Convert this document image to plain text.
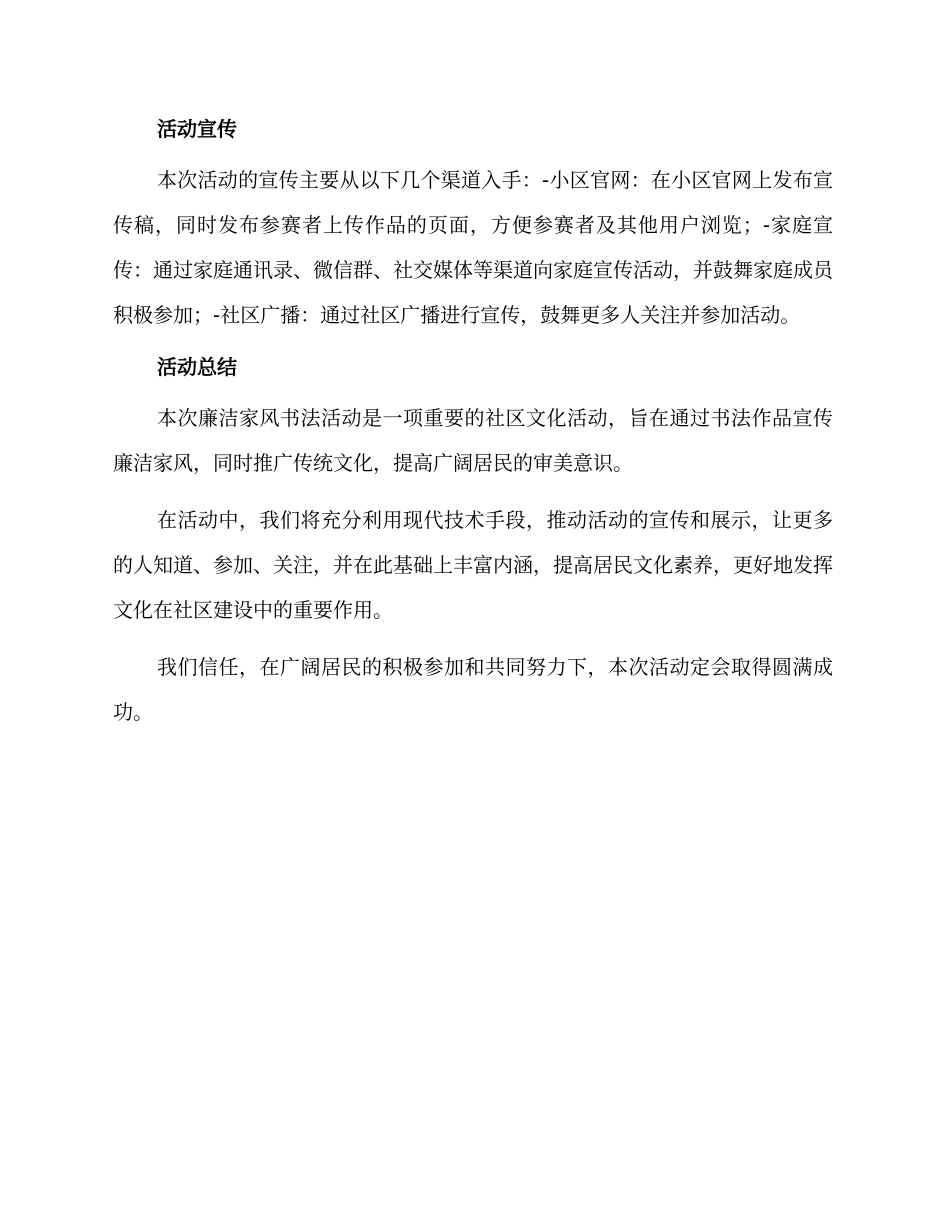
活动宣传

本次活动的宣传主要从以下几个渠道入手：-小区官网：在小区官网上发布宣传稿，同时发布参赛者上传作品的页面，方便参赛者及其他用户浏览；-家庭宣传：通过家庭通讯录、微信群、社交媒体等渠道向家庭宣传活动，并鼓舞家庭成员积极参加；-社区广播：通过社区广播进行宣传，鼓舞更多人关注并参加活动。

活动总结

本次廉洁家风书法活动是一项重要的社区文化活动，旨在通过书法作品宣传廉洁家风，同时推广传统文化，提高广阔居民的审美意识。

在活动中，我们将充分利用现代技术手段，推动活动的宣传和展示，让更多的人知道、参加、关注，并在此基础上丰富内涵，提高居民文化素养，更好地发挥文化在社区建设中的重要作用。

我们信任，在广阔居民的积极参加和共同努力下，本次活动定会取得圆满成功。
